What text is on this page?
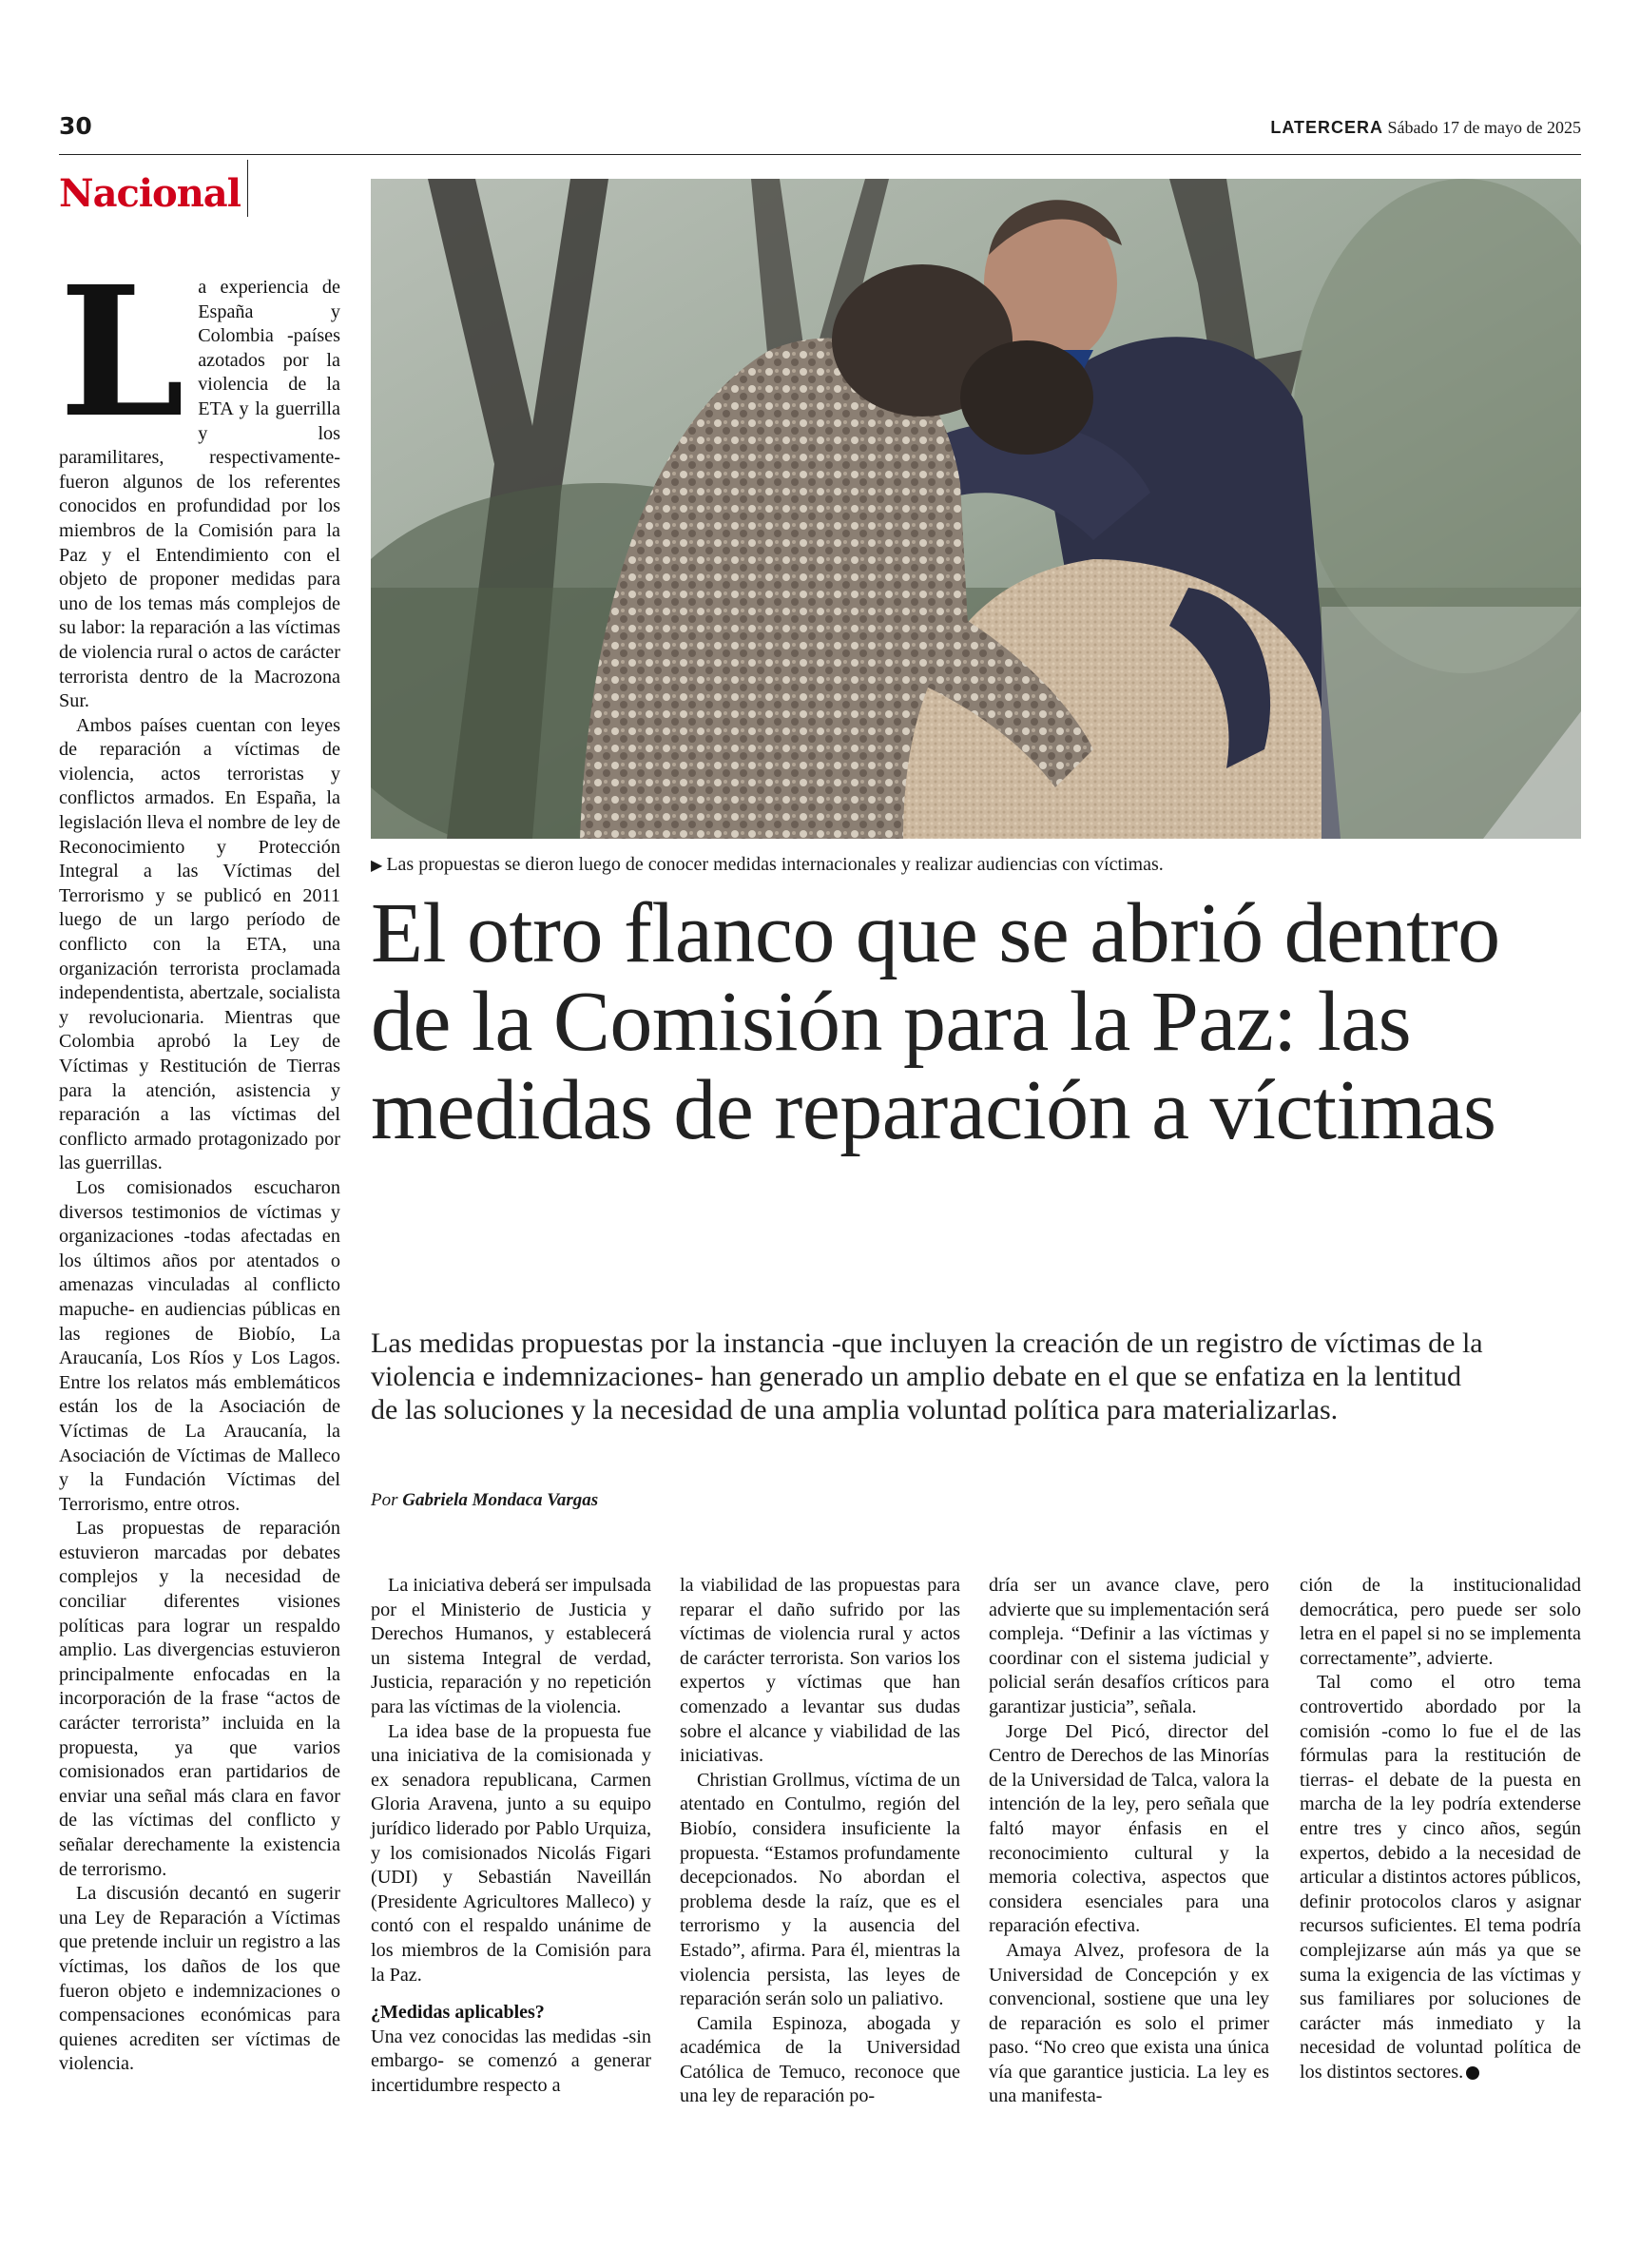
30	LATERCERA Sábado 17 de mayo de 2025
Nacional
▶ Las propuestas se dieron luego de conocer medidas internacionales y realizar audiencias con víctimas.
El otro flanco que se abrió dentro de la Comisión para la Paz: las medidas de reparación a víctimas
Las medidas propuestas por la instancia -que incluyen la creación de un registro de víctimas de la violencia e indemnizaciones- han generado un amplio debate en el que se enfatiza en la lentitud de las soluciones y la necesidad de una amplia voluntad política para materializarlas.
Por Gabriela Mondaca Vargas

La experiencia de España y Colombia -países azotados por la violencia de la ETA y la guerrilla y los paramilitares, respectivamente- fueron algunos de los referentes conocidos en profundidad por los miembros de la Comisión para la Paz y el Entendimiento con el objeto de proponer medidas para uno de los temas más complejos de su labor: la reparación a las víctimas de violencia rural o actos de carácter terrorista dentro de la Macrozona Sur.

Ambos países cuentan con leyes de reparación a víctimas de violencia, actos terroristas y conflictos armados. En España, la legislación lleva el nombre de ley de Reconocimiento y Protección Integral a las Víctimas del Terrorismo y se publicó en 2011 luego de un largo período de conflicto con la ETA, una organización terrorista proclamada independentista, abertzale, socialista y revolucionaria. Mientras que Colombia aprobó la Ley de Víctimas y Restitución de Tierras para la atención, asistencia y reparación a las víctimas del conflicto armado protagonizado por las guerrillas.

Los comisionados escucharon diversos testimonios de víctimas y organizaciones -todas afectadas en los últimos años por atentados o amenazas vinculadas al conflicto mapuche- en audiencias públicas en las regiones de Biobío, La Araucanía, Los Ríos y Los Lagos. Entre los relatos más emblemáticos están los de la Asociación de Víctimas de La Araucanía, la Asociación de Víctimas de Malleco y la Fundación Víctimas del Terrorismo, entre otros.

Las propuestas de reparación estuvieron marcadas por debates complejos y la necesidad de conciliar diferentes visiones políticas para lograr un respaldo amplio. Las divergencias estuvieron principalmente enfocadas en la incorporación de la frase “actos de carácter terrorista” incluida en la propuesta, ya que varios comisionados eran partidarios de enviar una señal más clara en favor de las víctimas del conflicto y señalar derechamente la existencia de terrorismo.

La discusión decantó en sugerir una Ley de Reparación a Víctimas que pretende incluir un registro a las víctimas, los daños de los que fueron objeto e indemnizaciones o compensaciones económicas para quienes acrediten ser víctimas de violencia.

La iniciativa deberá ser impulsada por el Ministerio de Justicia y Derechos Humanos, y establecerá un sistema Integral de verdad, Justicia, reparación y no repetición para las víctimas de la violencia.

La idea base de la propuesta fue una iniciativa de la comisionada y ex senadora republicana, Carmen Gloria Aravena, junto a su equipo jurídico liderado por Pablo Urquiza, y los comisionados Nicolás Figari (UDI) y Sebastián Naveillán (Presidente Agricultores Malleco) y contó con el respaldo unánime de los miembros de la Comisión para la Paz.

¿Medidas aplicables?

Una vez conocidas las medidas -sin embargo- se comenzó a generar incertidumbre respecto a

la viabilidad de las propuestas para reparar el daño sufrido por las víctimas de violencia rural y actos de carácter terrorista. Son varios los expertos y víctimas que han comenzado a levantar sus dudas sobre el alcance y viabilidad de las iniciativas.

Christian Grollmus, víctima de un atentado en Contulmo, región del Biobío, considera insuficiente la propuesta. “Estamos profundamente decepcionados. No abordan el problema desde la raíz, que es el terrorismo y la ausencia del Estado”, afirma. Para él, mientras la violencia persista, las leyes de reparación serán solo un paliativo.

Camila Espinoza, abogada y académica de la Universidad Católica de Temuco, reconoce que una ley de reparación po-

dría ser un avance clave, pero advierte que su implementación será compleja. “Definir a las víctimas y coordinar con el sistema judicial y policial serán desafíos críticos para garantizar justicia”, señala.

Jorge Del Picó, director del Centro de Derechos de las Minorías de la Universidad de Talca, valora la intención de la ley, pero señala que faltó mayor énfasis en el reconocimiento cultural y la memoria colectiva, aspectos que considera esenciales para una reparación efectiva.

Amaya Alvez, profesora de la Universidad de Concepción y ex convencional, sostiene que una ley de reparación es solo el primer paso. “No creo que exista una única vía que garantice justicia. La ley es una manifesta-

ción de la institucionalidad democrática, pero puede ser solo letra en el papel si no se implementa correctamente”, advierte.

Tal como el otro tema controvertido abordado por la comisión -como lo fue el de las fórmulas para la restitución de tierras- el debate de la puesta en marcha de la ley podría extenderse entre tres y cinco años, según expertos, debido a la necesidad de articular a distintos actores públicos, definir protocolos claros y asignar recursos suficientes. El tema podría complejizarse aún más ya que se suma la exigencia de las víctimas y sus familiares por soluciones de carácter más inmediato y la necesidad de voluntad política de los distintos sectores.
